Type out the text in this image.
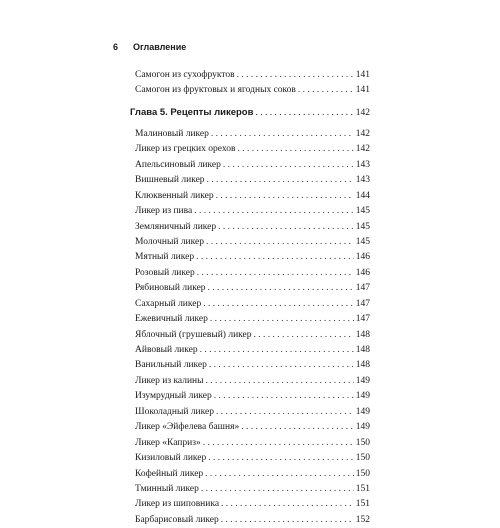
6 Оглавление
Самогон из сухофруктов . . .	141
Самогон из фруктовых и ягодных соков . . .	141
Глава 5. Рецепты ликеров . . .	142
Малиновый ликер . . .	142
Ликер из грецких орехов . . .	142
Апельсиновый ликер . . .	143
Вишневый ликер . . .	143
Клюквенный ликер . . .	144
Ликер из пива . . .	145
Земляничный ликер . . .	145
Молочный ликер . . .	145
Мятный ликер . . .	146
Розовый ликер . . .	146
Рябиновый ликер . . .	147
Сахарный ликер . . .	147
Ежевичный ликер . . .	147
Яблочный (грушевый) ликер . . .	148
Айвовый ликер . . .	148
Ванильный ликер . . .	148
Ликер из калины . . .	149
Изумрудный ликер . . .	149
Шоколадный ликер . . .	149
Ликер «Эйфелева башня» . . .	149
Ликер «Каприз» . . .	150
Кизиловый ликер . . .	150
Кофейный ликер . . .	150
Тминный ликер . . .	151
Ликер из шиповника . . .	151
Барбарисовый ликер . . .	152
